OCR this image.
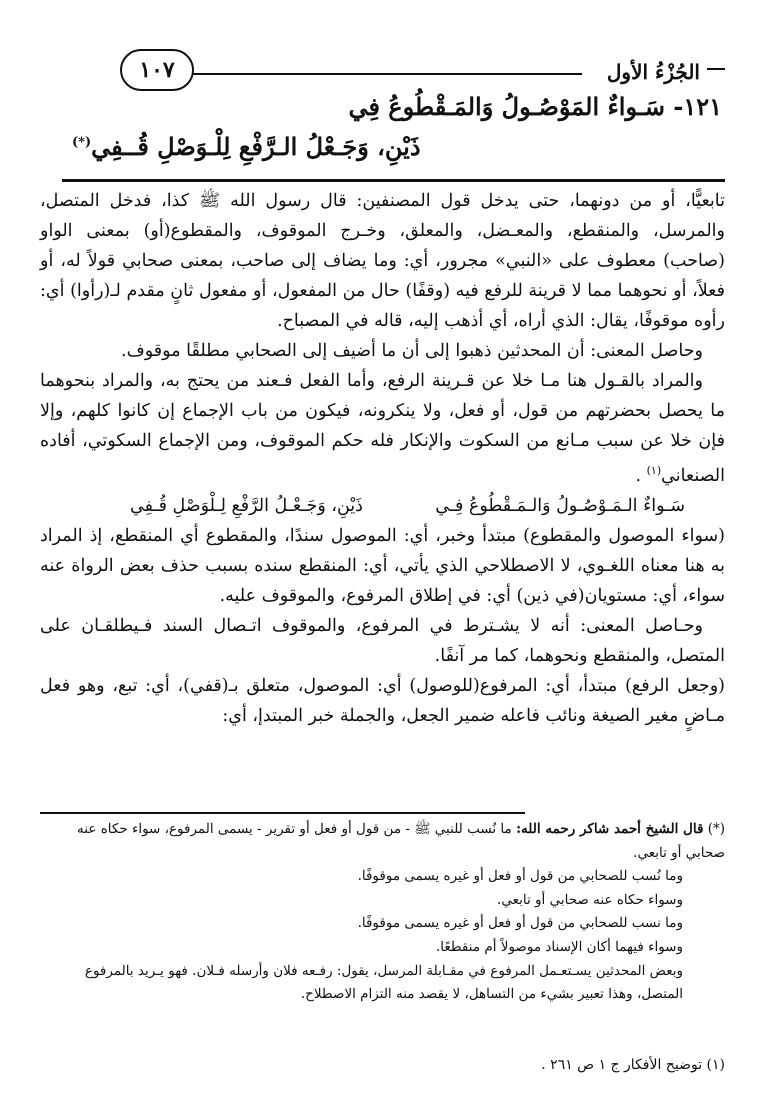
الجُزْءُ الأول
١٠٧
١٢١- سَـواءٌ المَوْصُـولُ وَالمَـقْطُوعُ فِي
ذَيْنِ، وَجَـعْلُ الـرَّفْعِ لِلْـوَصْلِ قُــفِي(*)

تابعيًّا، أو من دونهما، حتى يدخل قول المصنفين: قال رسول الله ﷺ كذا، فدخل المتصل، والمرسل، والمنقطع، والمعـضل، والمعلق، وخـرج الموقوف، والمقطوع(أو) بمعنى الواو (صاحب) معطوف على «النبي» مجرور، أي: وما يضاف إلى صاحب، بمعنى صحابي قولاً له، أو فعلاً، أو نحوهما مما لا قرينة للرفع فيه (وقفًا) حال من المفعول، أو مفعول ثانٍ مقدم لـ(رأوا) أي: رأوه موقوفًا، يقال: الذي أراه، أي أذهب إليه، قاله في المصباح.

وحاصل المعنى: أن المحدثين ذهبوا إلى أن ما أضيف إلى الصحابي مطلقًا موقوف.

والمراد بالقـول هنا مـا خلا عن قـرينة الرفع، وأما الفعل فـعند من يحتج به، والمراد بنحوهما ما يحصل بحضرتهم من قول، أو فعل، ولا ينكرونه، فيكون من باب الإجماع إن كانوا كلهم، وإلا فإن خلا عن سبب مـانع من السكوت والإنكار فله حكم الموقوف، ومن الإجماع السكوتي، أفاده الصنعاني$^{(١)}$ .

سَـواءٌ الـمَـوْصُـولُ وَالـمَـقْطُوعُ فِـي
ذَيْنِ، وَجَـعْـلُ الرَّفْعِ لِـلْوَصْلِ قُـفِي

(سواء الموصول والمقطوع) مبتدأ وخبر، أي: الموصول سندًا، والمقطوع أي المنقطع، إذ المراد به هنا معناه اللغـوي، لا الاصطلاحي الذي يأتي، أي: المنقطع سنده بسبب حذف بعض الرواة عنه سواء، أي: مستويان(في ذين) أي: في إطلاق المرفوع، والموقوف عليه.

وحـاصل المعنى: أنه لا يشـترط في المرفوع، والموقوف اتـصال السند فـيطلقـان على المتصل، والمنقطع ونحوهما، كما مر آنفًا.

(وجعل الرفع) مبتدأ، أي: المرفوع(للوصول) أي: الموصول، متعلق بـ(قفي)، أي: تبع، وهو فعل مـاضٍ مغير الصيغة ونائب فاعله ضمير الجعل، والجملة خبر المبتدإ، أي:

(*) قال الشيخ أحمد شاكر رحمه الله: ما نُسب للنبي ﷺ - من قول أو فعل أو تقرير - يسمى المرفوع، سواء حكاه عنه صحابي أو تابعي.

وما نُسب للصحابي من قول أو فعل أو غيره يسمى موقوفًا.

وسواء حكاه عنه صحابي أو تابعي.

وما نسب للصحابي من قول أو فعل أو غيره يسمى موقوفًا.

وسواء فيهما أكان الإسناد موصولاً أم منقطعًا.

وبعض المحدثين يسـتعـمل المرفوع في مقـابلة المرسل، يقول: رفـعه فلان وأرسله فـلان. فهو يـريد بالمرفوع المتصل، وهذا تعبير بشيء من التساهل، لا يقصد منه التزام الاصطلاح.

(١) توضيح الأفكار ج ١ ص ٢٦١ .
